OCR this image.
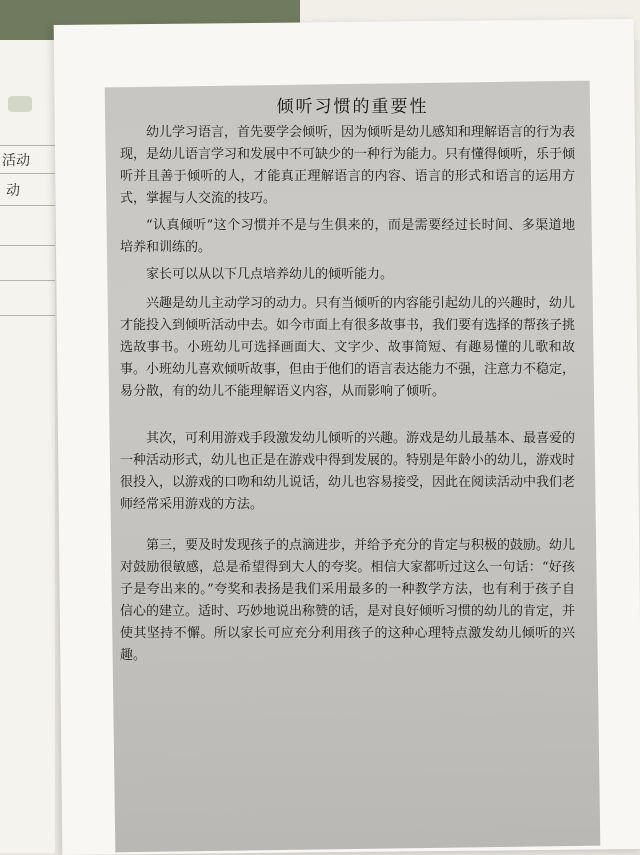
活动
动
倾听习惯的重要性
幼儿学习语言，首先要学会倾听，因为倾听是幼儿感知和理解语言的行为表现，是幼儿语言学习和发展中不可缺少的一种行为能力。只有懂得倾听，乐于倾听并且善于倾听的人，才能真正理解语言的内容、语言的形式和语言的运用方式，掌握与人交流的技巧。
“认真倾听”这个习惯并不是与生俱来的，而是需要经过长时间、多渠道地培养和训练的。
家长可以从以下几点培养幼儿的倾听能力。
兴趣是幼儿主动学习的动力。只有当倾听的内容能引起幼儿的兴趣时，幼儿才能投入到倾听活动中去。如今市面上有很多故事书，我们要有选择的帮孩子挑选故事书。小班幼儿可选择画面大、文字少、故事简短、有趣易懂的儿歌和故事。小班幼儿喜欢倾听故事，但由于他们的语言表达能力不强，注意力不稳定，易分散，有的幼儿不能理解语义内容，从而影响了倾听。
其次，可利用游戏手段激发幼儿倾听的兴趣。游戏是幼儿最基本、最喜爱的一种活动形式，幼儿也正是在游戏中得到发展的。特别是年龄小的幼儿，游戏时很投入，以游戏的口吻和幼儿说话，幼儿也容易接受，因此在阅读活动中我们老师经常采用游戏的方法。
第三，要及时发现孩子的点滴进步，并给予充分的肯定与积极的鼓励。幼儿对鼓励很敏感，总是希望得到大人的夸奖。相信大家都听过这么一句话：“好孩子是夸出来的。”夸奖和表扬是我们采用最多的一种教学方法，也有利于孩子自信心的建立。适时、巧妙地说出称赞的话，是对良好倾听习惯的幼儿的肯定，并使其坚持不懈。所以家长可应充分利用孩子的这种心理特点激发幼儿倾听的兴趣。
